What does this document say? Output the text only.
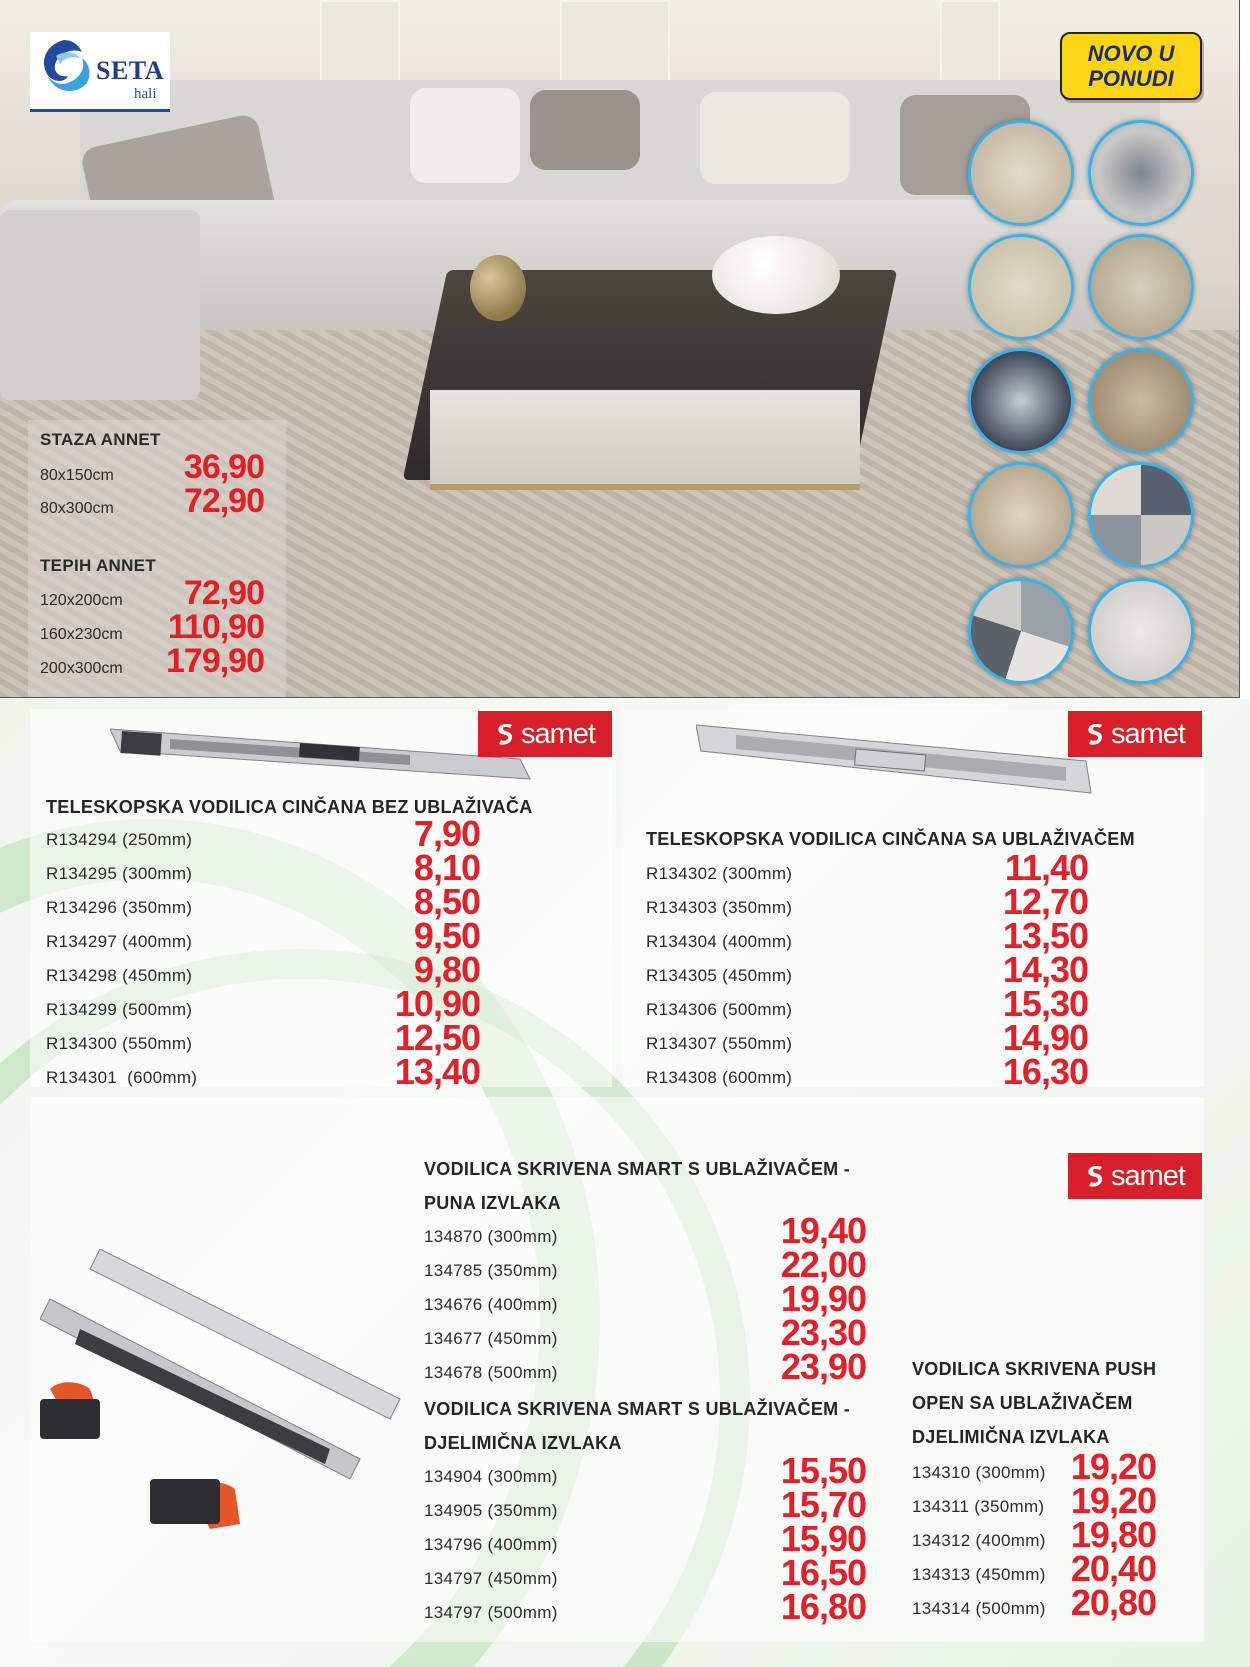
SETA
hali
NOVO U
PONUDI
STAZA ANNET
80x150cm	36,90
80x300cm	72,90
TEPIH ANNET
120x200cm	72,90
160x230cm	110,90
200x300cm	179,90
samet	samet
samet
TELESKOPSKA VODILICA CINČANA BEZ UBLAŽIVAČA
R134294 (250mm)	7,90
R134295 (300mm)	8,10
R134296 (350mm)	8,50
R134297 (400mm)	9,50
R134298 (450mm)	9,80
R134299 (500mm)	10,90
R134300 (550mm)	12,50
R134301  (600mm)	13,40
TELESKOPSKA VODILICA CINČANA SA UBLAŽIVAČEM
R134302 (300mm)	11,40
R134303 (350mm)	12,70
R134304 (400mm)	13,50
R134305 (450mm)	14,30
R134306 (500mm)	15,30
R134307 (550mm)	14,90
R134308 (600mm)	16,30
VODILICA SKRIVENA SMART S UBLAŽIVAČEM -
PUNA IZVLAKA
134870 (300mm)	19,40
134785 (350mm)	22,00
134676 (400mm)	19,90
134677 (450mm)	23,30
134678 (500mm)	23,90
VODILICA SKRIVENA SMART S UBLAŽIVAČEM -
DJELIMIČNA IZVLAKA
134904 (300mm)	15,50
134905 (350mm)	15,70
134796 (400mm)	15,90
134797 (450mm)	16,50
134797 (500mm)	16,80
VODILICA SKRIVENA PUSH
OPEN SA UBLAŽIVAČEM
DJELIMIČNA IZVLAKA
134310 (300mm) 19,20
134311 (350mm) 19,20
134312 (400mm) 19,80
134313 (450mm) 20,40
134314 (500mm) 20,80
